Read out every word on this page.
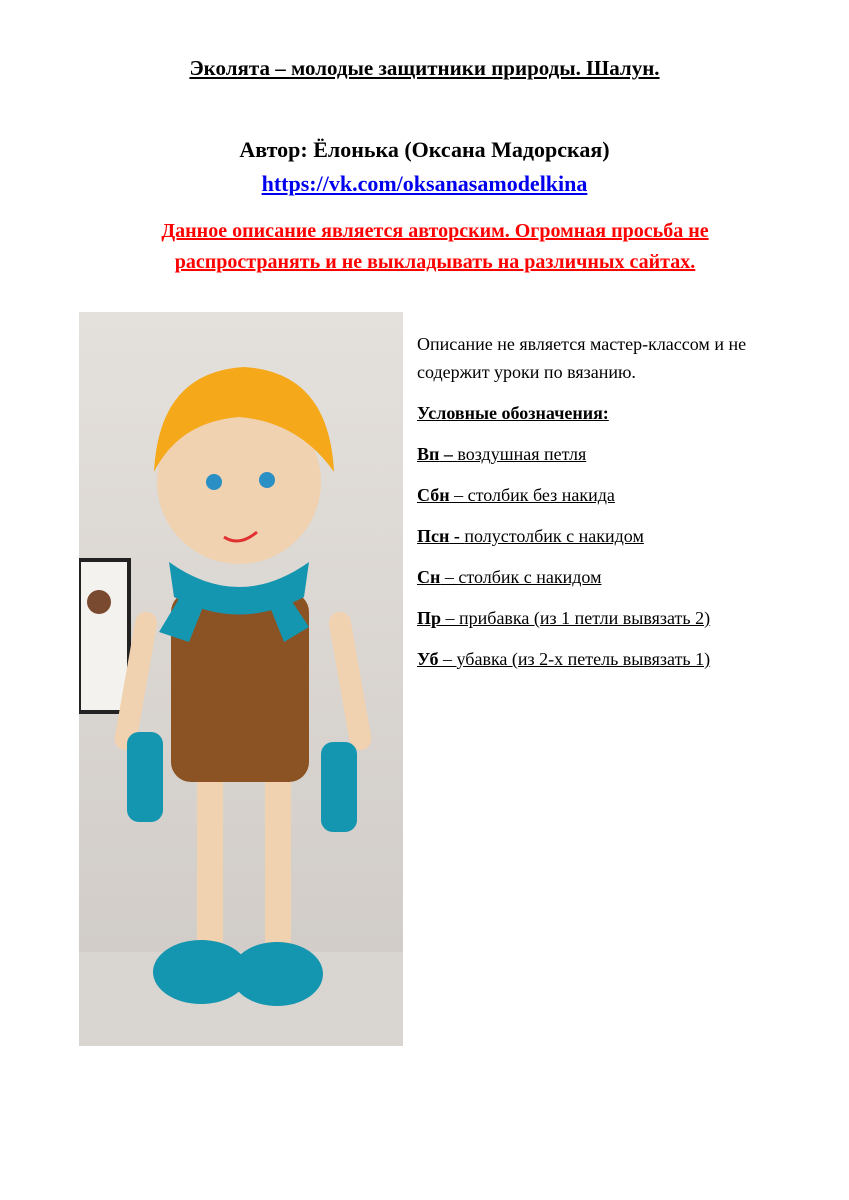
Эколята – молодые защитники природы. Шалун.
Автор: Ёлонька (Оксана Мадорская)
https://vk.com/oksanasamodelkina
Данное описание является авторским. Огромная просьба не распространять и не выкладывать на различных сайтах.

Описание не является мастер-классом и не содержит уроки по вязанию.

Условные обозначения:

Вп – воздушная петля

Сбн – столбик без накида

Псн - полустолбик с накидом

Сн – столбик с накидом

Пр – прибавка (из 1 петли вывязать 2)

Уб – убавка (из 2-х петель вывязать 1)
